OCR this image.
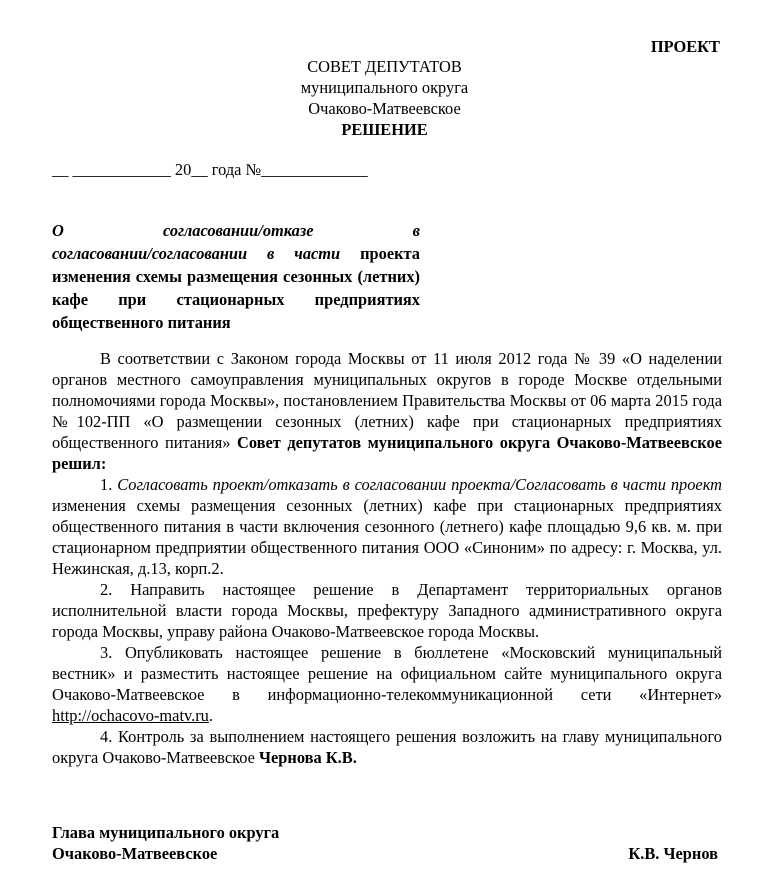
ПРОЕКТ
СОВЕТ ДЕПУТАТОВ
муниципального округа
Очаково-Матвеевское
РЕШЕНИЕ
__ ____________ 20__ года №_____________
О согласовании/отказе в
согласовании/согласовании в части проекта изменения схемы размещения сезонных (летних) кафе при стационарных предприятиях общественного питания

В соответствии с Законом города Москвы от 11 июля 2012 года № 39 «О наделении органов местного самоуправления муниципальных округов в городе Москве отдельными полномочиями города Москвы», постановлением Правительства Москвы от 06 марта 2015 года №102-ПП «О размещении сезонных (летних) кафе при стационарных предприятиях общественного питания» Совет депутатов муниципального округа Очаково-Матвеевское решил:

1. Согласовать проект/отказать в согласовании проекта/Согласовать в части проект изменения схемы размещения сезонных (летних) кафе при стационарных предприятиях общественного питания в части включения сезонного (летнего) кафе площадью 9,6 кв. м. при стационарном предприятии общественного питания ООО «Синоним» по адресу: г. Москва, ул. Нежинская, д.13, корп.2.

2. Направить настоящее решение в Департамент территориальных органов исполнительной власти города Москвы, префектуру Западного административного округа города Москвы, управу района Очаково-Матвеевское города Москвы.

3. Опубликовать настоящее решение в бюллетене «Московский муниципальный вестник» и разместить настоящее решение на официальном сайте муниципального округа Очаково-Матвеевское в информационно-телекоммуникационной сети «Интернет» http://ochacovo-matv.ru.

4. Контроль за выполнением настоящего решения возложить на главу муниципального округа Очаково-Матвеевское Чернова К.В.

Глава муниципального округа
Очаково-Матвеевское	К.В. Чернов
